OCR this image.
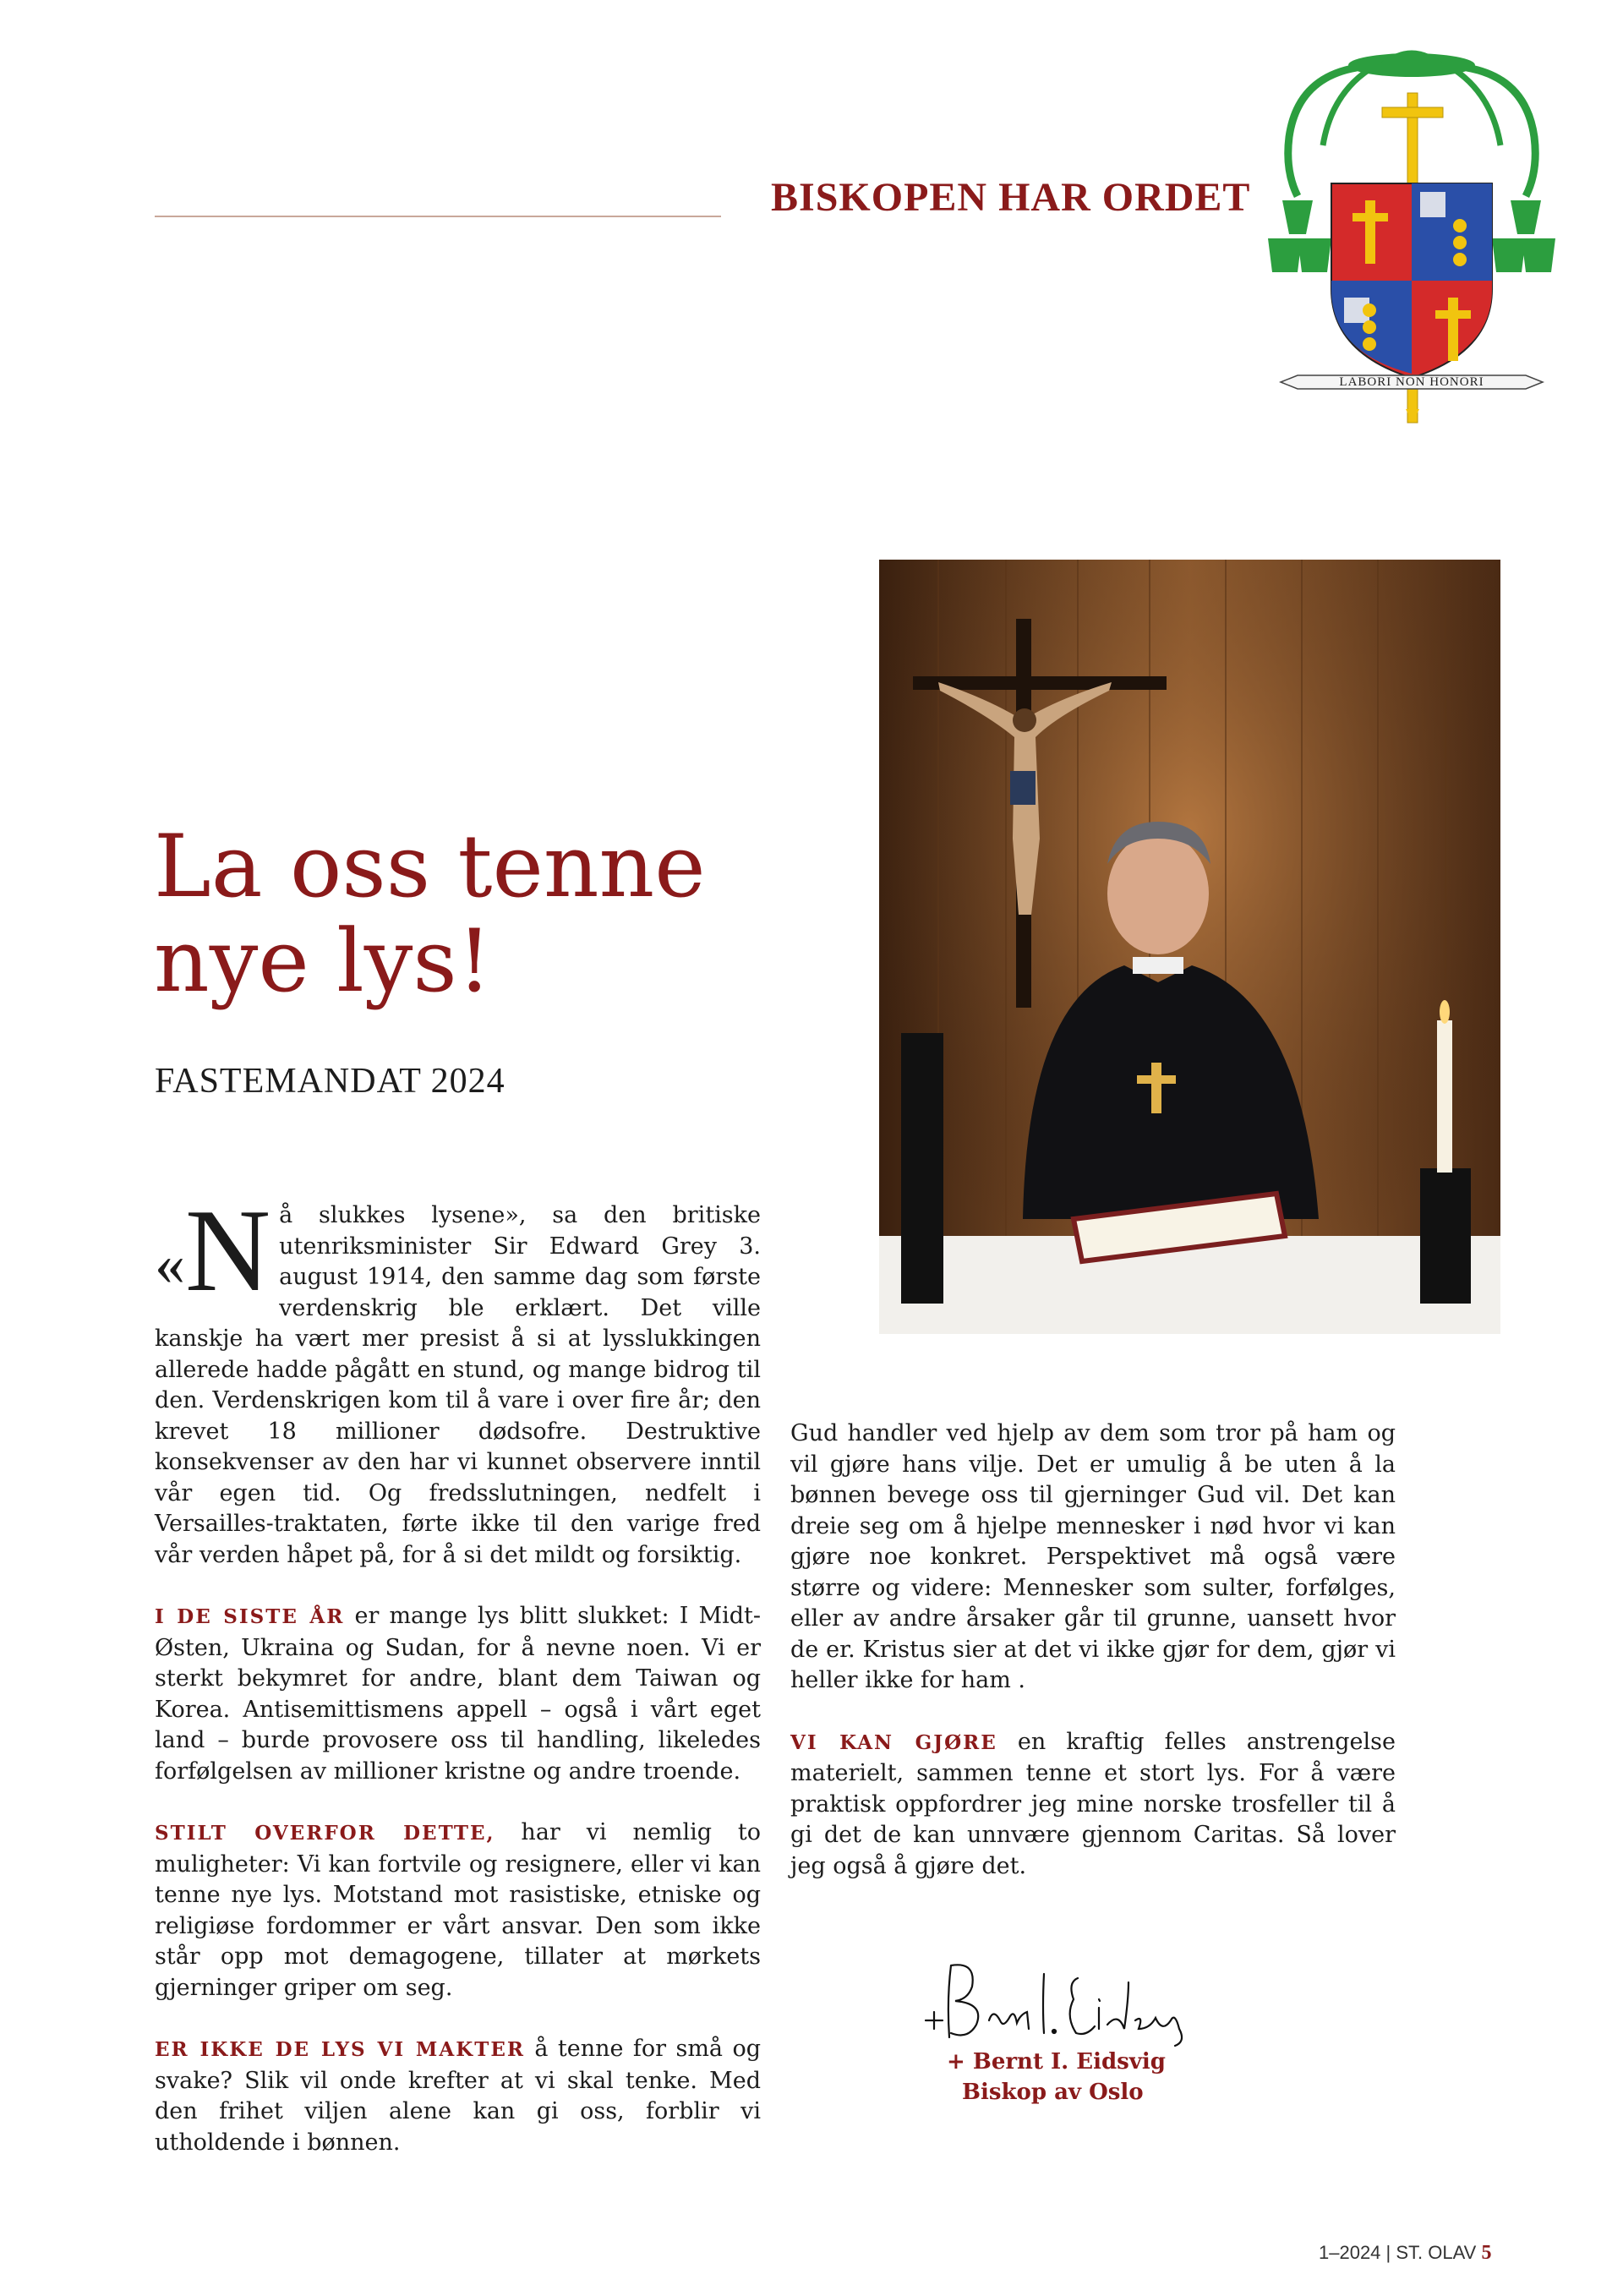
BISKOPEN HAR ORDET
LABORI NON HONORI
La oss tenne nye lys!
FASTEMANDAT 2024

« N å slukkes lysene», sa den britiske utenriksminister Sir Edward Grey 3. august 1914, den samme dag som første verdenskrig ble erklært. Det ville kanskje ha vært mer presist å si at lysslukkingen allerede hadde pågått en stund, og mange bidrog til den. Verdenskrigen kom til å vare i over fire år; den krevet 18 millioner dødsofre. Destruktive konsekvenser av den har vi kunnet observere inntil vår egen tid. Og fredsslutningen, nedfelt i Versailles-traktaten, førte ikke til den varige fred vår verden håpet på, for å si det mildt og forsiktig.

I DE SISTE ÅR er mange lys blitt slukket: I Midt-Østen, Ukraina og Sudan, for å nevne noen. Vi er sterkt bekymret for andre, blant dem Taiwan og Korea. Antisemittismens appell – også i vårt eget land – burde provosere oss til handling, likeledes forfølgelsen av millioner kristne og andre troende.

STILT OVERFOR DETTE, har vi nemlig to muligheter: Vi kan fortvile og resignere, eller vi kan tenne nye lys. Motstand mot rasistiske, etniske og religiøse fordommer er vårt ansvar. Den som ikke står opp mot demagogene, tillater at mørkets gjerninger griper om seg.

ER IKKE DE LYS VI MAKTER å tenne for små og svake? Slik vil onde krefter at vi skal tenke. Med den frihet viljen alene kan gi oss, forblir vi utholdende i bønnen.

Gud handler ved hjelp av dem som tror på ham og vil gjøre hans vilje. Det er umulig å be uten å la bønnen bevege oss til gjerninger Gud vil. Det kan dreie seg om å hjelpe mennesker i nød hvor vi kan gjøre noe konkret. Perspektivet må også være større og videre: Mennesker som sulter, forfølges, eller av andre årsaker går til grunne, uansett hvor de er. Kristus sier at det vi ikke gjør for dem, gjør vi heller ikke for ham .

VI KAN GJØRE en kraftig felles anstrengelse materielt, sammen tenne et stort lys. For å være praktisk oppfordrer jeg mine norske trosfeller til å gi det de kan unnvære gjennom Caritas. Så lover jeg også å gjøre det.

+ Bernt I. Eidsvig
Biskop av Oslo
1–2024 | ST. OLAV 5
